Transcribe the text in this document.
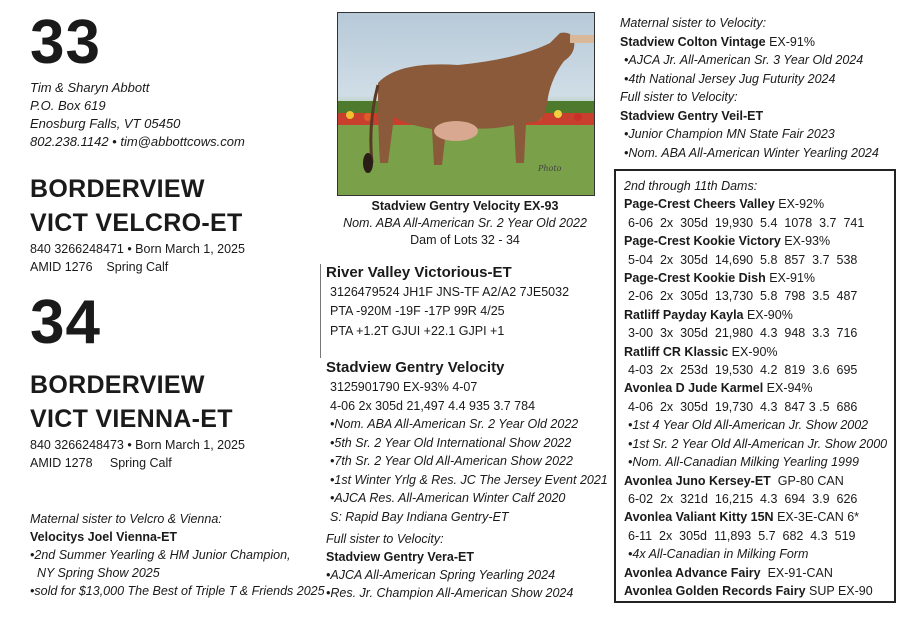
33
Tim & Sharyn Abbott
P.O. Box 619
Enosburg Falls, VT 05450
802.238.1142 • tim@abbottcows.com
BORDERVIEW
VICT VELCRO-ET
840 3266248471 • Born March 1, 2025
AMID 1276    Spring Calf
34
BORDERVIEW
VICT VIENNA-ET
840 3266248473 • Born March 1, 2025
AMID 1278     Spring Calf
Maternal sister to Velcro & Vienna:
Velocitys Joel Vienna-ET
•2nd Summer Yearling & HM Junior Champion,
NY Spring Show 2025
•sold for $13,000 The Best of Triple T & Friends 2025
Photo
Stadview Gentry Velocity EX-93
Nom. ABA All-American Sr. 2 Year Old 2022
Dam of Lots 32 - 34
River Valley Victorious-ET
3126479524 JH1F JNS-TF A2/A2 7JE5032
PTA -920M -19F -17P 99R 4/25
PTA +1.2T GJUI +22.1 GJPI +1
Stadview Gentry Velocity
3125901790 EX-93% 4-07
4-06 2x 305d 21,497 4.4 935 3.7 784
•Nom. ABA All-American Sr. 2 Year Old 2022
•5th Sr. 2 Year Old International Show 2022
•7th Sr. 2 Year Old All-American Show 2022
•1st Winter Yrlg & Res. JC The Jersey Event 2021
•AJCA Res. All-American Winter Calf 2020
S: Rapid Bay Indiana Gentry-ET
Full sister to Velocity:
Stadview Gentry Vera-ET
•AJCA All-American Spring Yearling 2024
•Res. Jr. Champion All-American Show 2024
Maternal sister to Velocity:
Stadview Colton Vintage EX-91%
•AJCA Jr. All-American Sr. 3 Year Old 2024
•4th National Jersey Jug Futurity 2024
Full sister to Velocity:
Stadview Gentry Veil-ET
•Junior Champion MN State Fair 2023
•Nom. ABA All-American Winter Yearling 2024
2nd through 11th Dams:
Page-Crest Cheers Valley EX-92%
6-06  2x  305d  19,930  5.4  1078  3.7  741
Page-Crest Kookie Victory EX-93%
5-04  2x  305d  14,690  5.8  857  3.7  538
Page-Crest Kookie Dish EX-91%
2-06  2x  305d  13,730  5.8  798  3.5  487
Ratliff Payday Kayla EX-90%
3-00  3x  305d  21,980  4.3  948  3.3  716
Ratliff CR Klassic EX-90%
4-03  2x  253d  19,530  4.2  819  3.6  695
Avonlea D Jude Karmel EX-94%
4-06  2x  305d  19,730  4.3  847 3 .5  686
•1st 4 Year Old All-American Jr. Show 2002
•1st Sr. 2 Year Old All-American Jr. Show 2000
•Nom. All-Canadian Milking Yearling 1999
Avonlea Juno Kersey-ET  GP-80 CAN
6-02  2x  321d  16,215  4.3  694  3.9  626
Avonlea Valiant Kitty 15N EX-3E-CAN 6*
6-11  2x  305d  11,893  5.7  682  4.3  519
•4x All-Canadian in Milking Form
Avonlea Advance Fairy  EX-91-CAN
Avonlea Golden Records Fairy SUP EX-90
